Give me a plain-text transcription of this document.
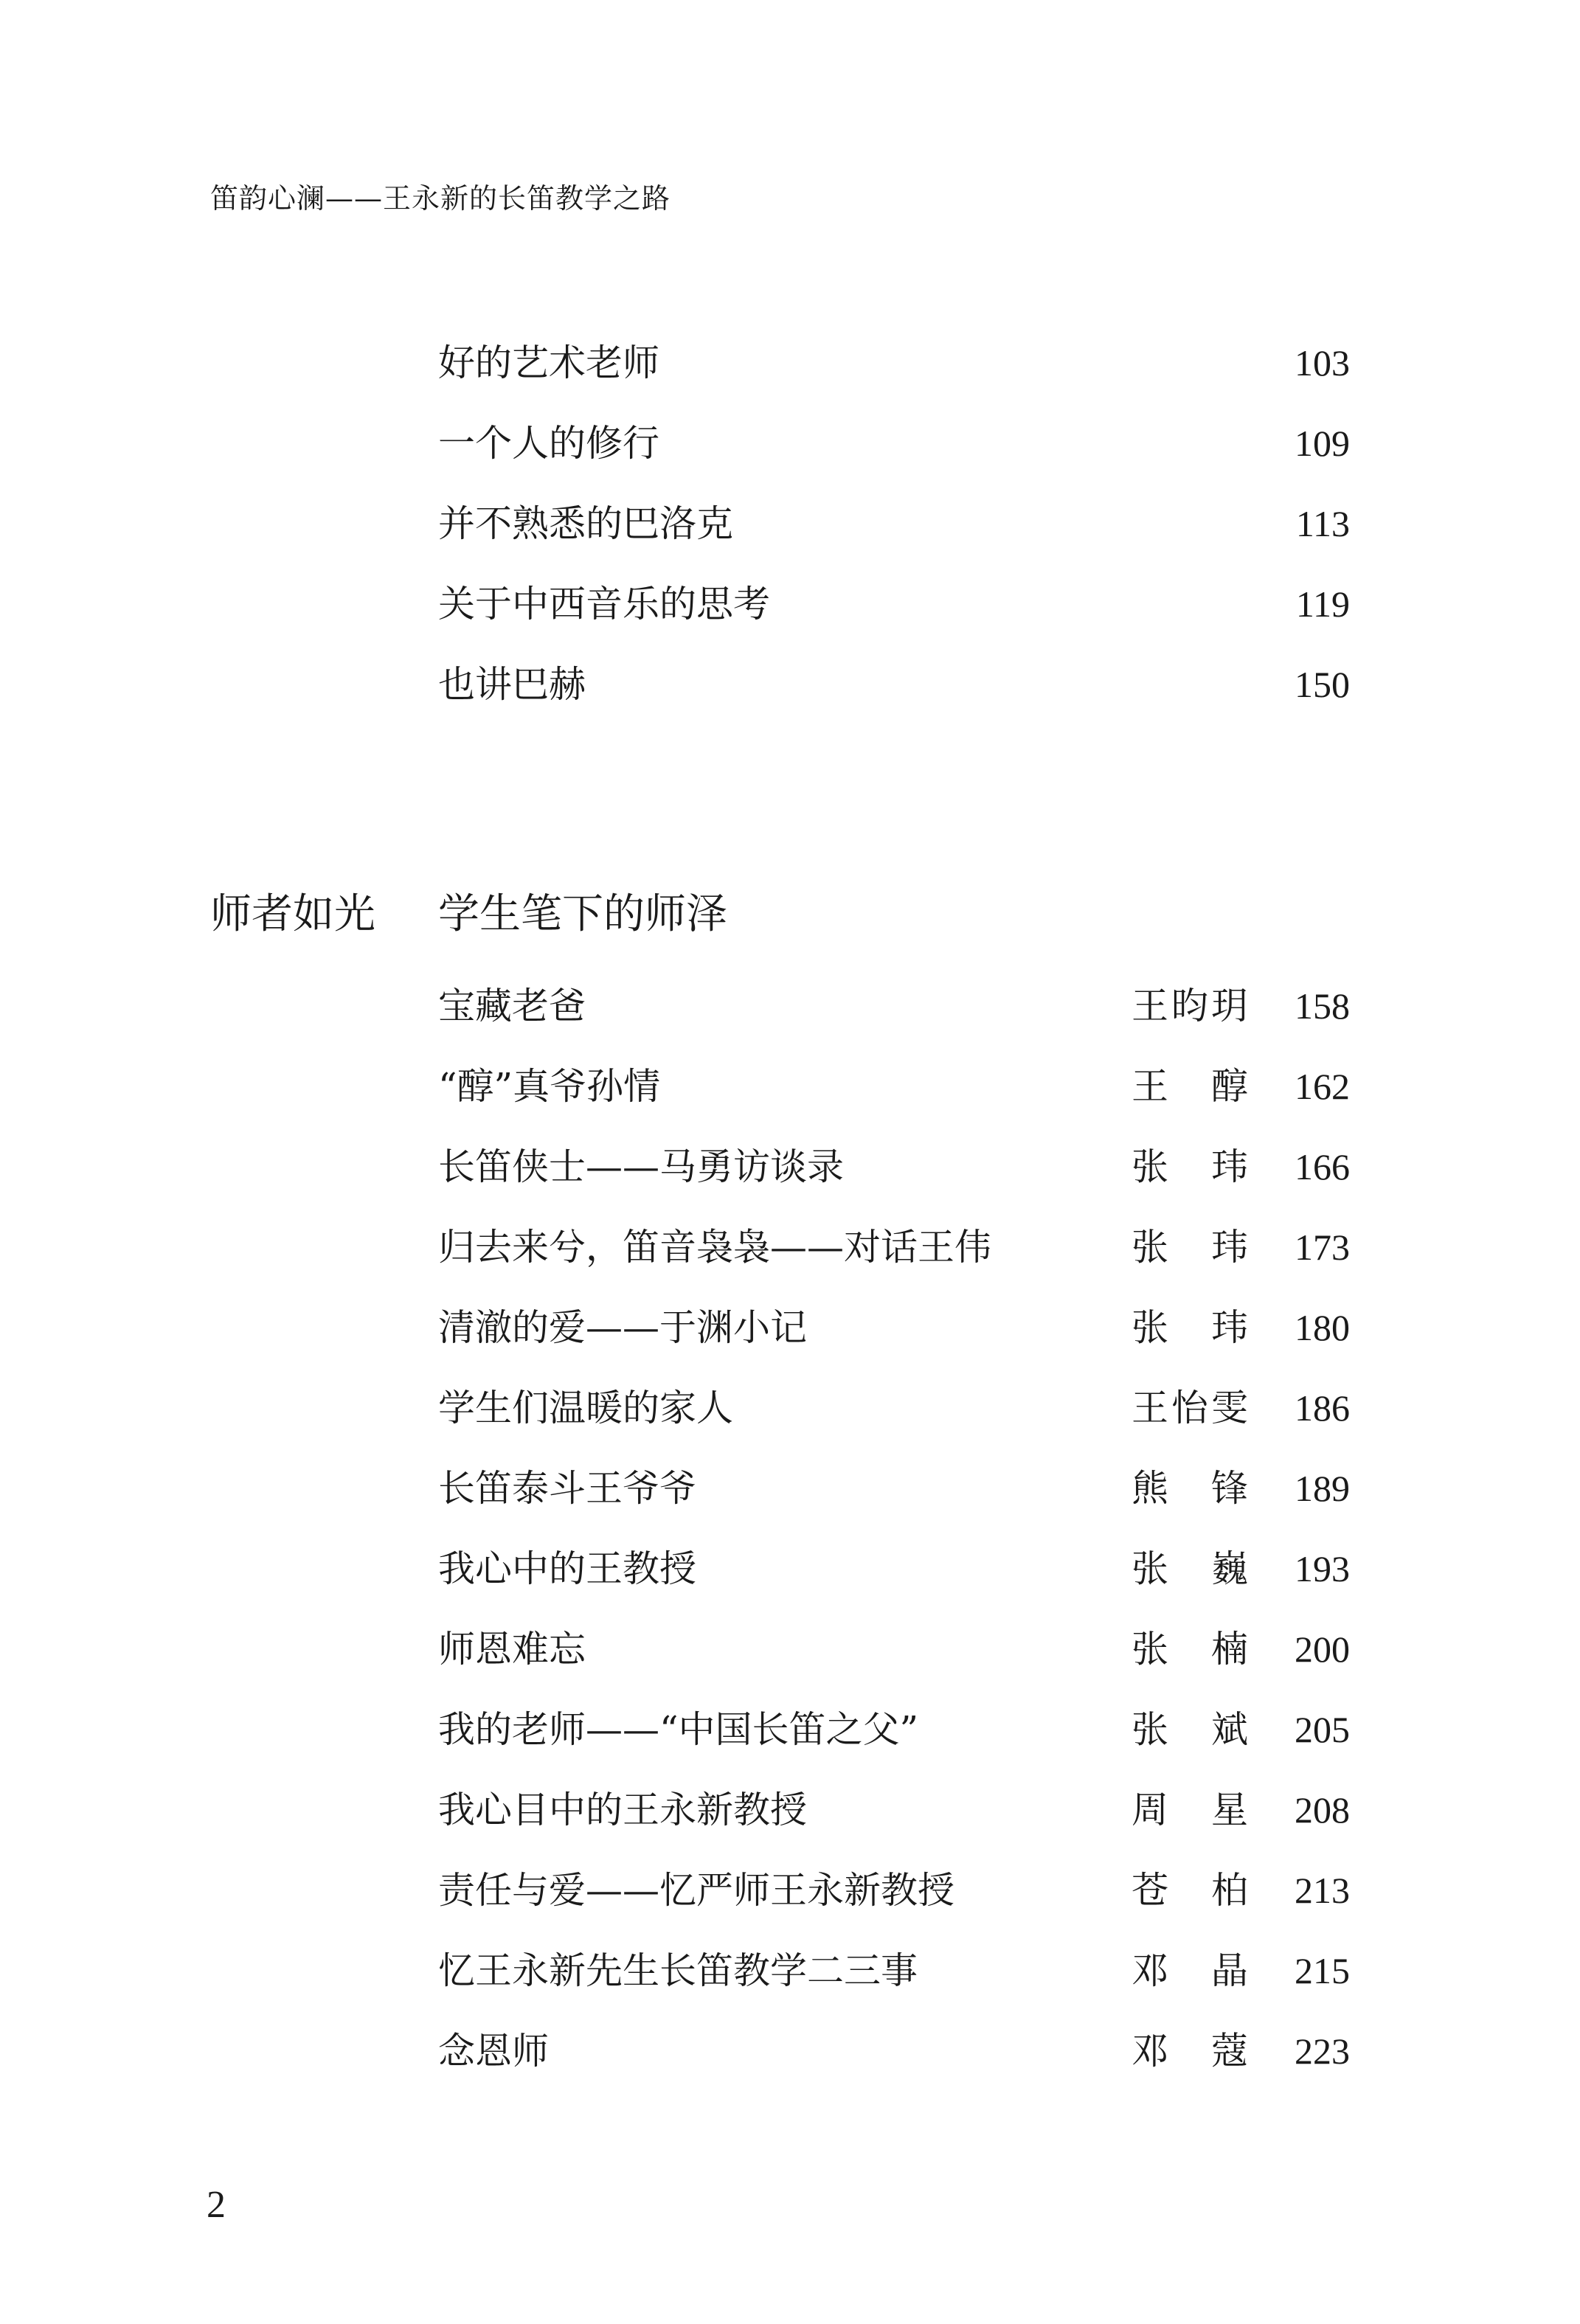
笛韵心澜——王永新的长笛教学之路
好的艺术老师	103
一个人的修行	109
并不熟悉的巴洛克	113
关于中西音乐的思考	119
也讲巴赫	150
师者如光 学生笔下的师泽
宝藏老爸	王昀玥 158
“醇”真爷孙情	王醇 162
长笛侠士——马勇访谈录	张玮 166
归去来兮，笛音袅袅——对话王伟	张玮 173
清澈的爱——于渊小记	张玮 180
学生们温暖的家人	王怡雯 186
长笛泰斗王爷爷	熊锋 189
我心中的王教授	张巍 193
师恩难忘	张楠 200
我的老师——“中国长笛之父”	张斌 205
我心目中的王永新教授	周星 208
责任与爱——忆严师王永新教授	苍柏 213
忆王永新先生长笛教学二三事	邓晶 215
念恩师	邓蔻 223
2
